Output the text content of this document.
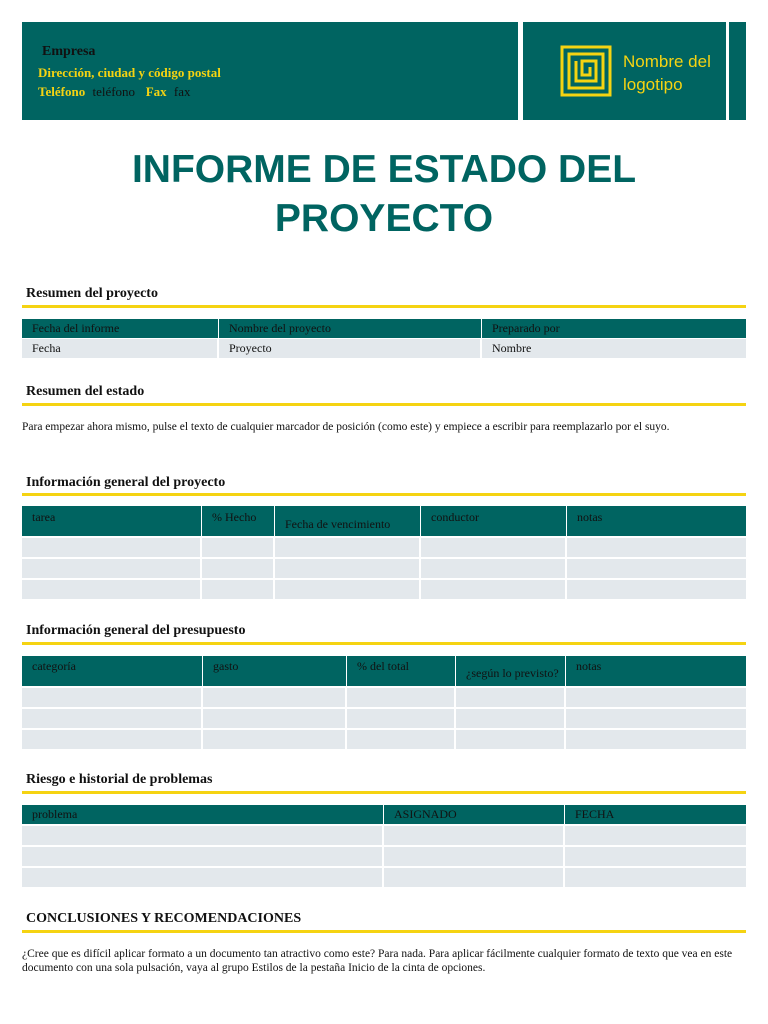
Empresa
Dirección, ciudad y código postal
Teléfono teléfono Fax fax
Nombre del
logotipo
INFORME DE ESTADO DEL
PROYECTO
Resumen del proyecto
Fecha del informe	Nombre del proyecto	Preparado por
Fecha	Proyecto	Nombre
Resumen del estado
Para empezar ahora mismo, pulse el texto de cualquier marcador de posición (como este) y empiece a escribir para reemplazarlo por el suyo.
Información general del proyecto
tarea	% Hecho	Fecha de vencimiento	conductor	notas
Información general del presupuesto
categoría	gasto	% del total	¿según lo previsto?	notas
Riesgo e historial de problemas
problema	ASIGNADO	FECHA
CONCLUSIONES Y RECOMENDACIONES
¿Cree que es difícil aplicar formato a un documento tan atractivo como este? Para nada. Para aplicar fácilmente cualquier formato de texto que vea en este documento con una sola pulsación, vaya al grupo Estilos de la pestaña Inicio de la cinta de opciones.
